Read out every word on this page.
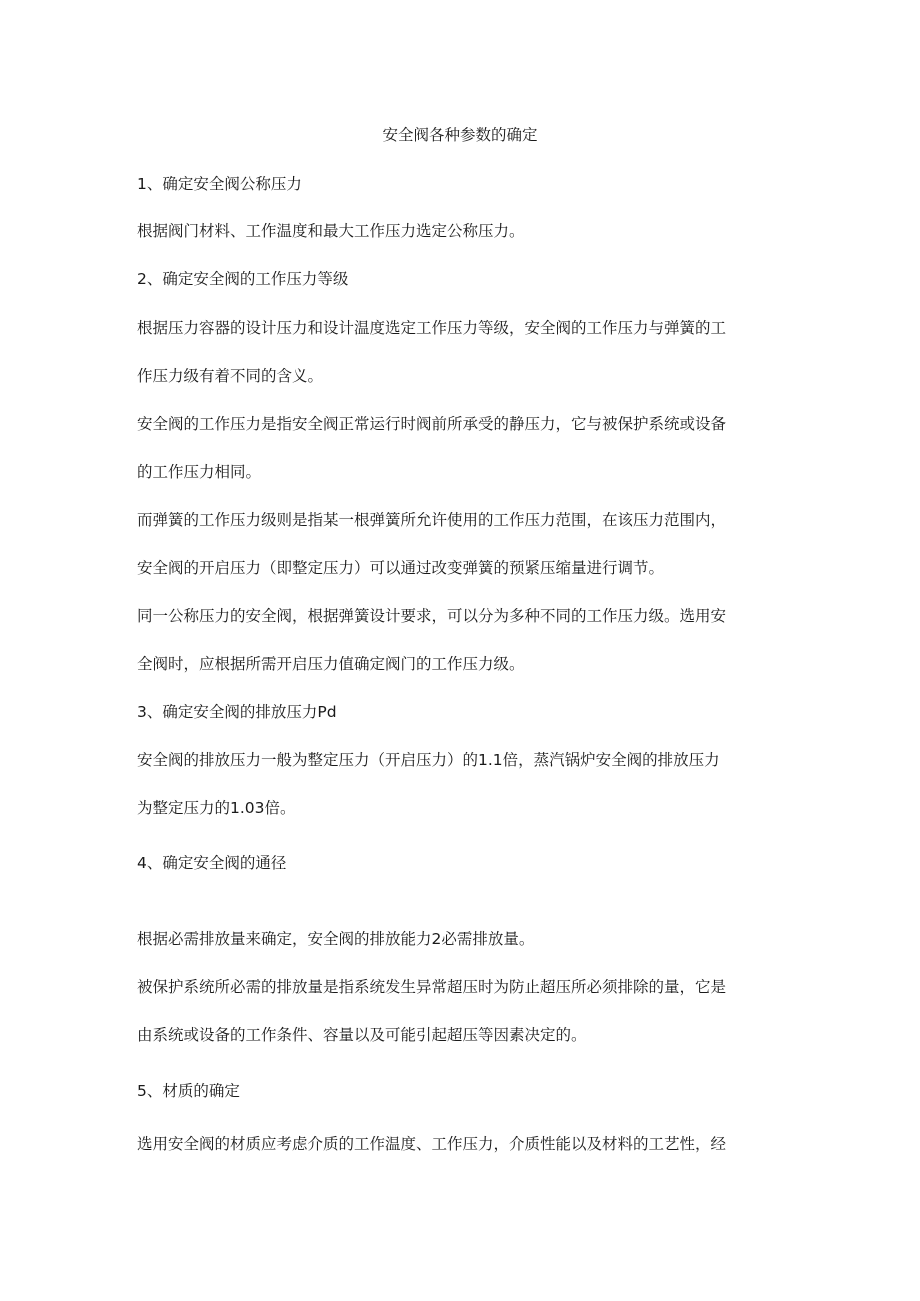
安全阀各种参数的确定
1、确定安全阀公称压力
根据阀门材料、工作温度和最大工作压力选定公称压力。
2、确定安全阀的工作压力等级
根据压力容器的设计压力和设计温度选定工作压力等级，安全阀的工作压力与弹簧的工
作压力级有着不同的含义。
安全阀的工作压力是指安全阀正常运行时阀前所承受的静压力，它与被保护系统或设备
的工作压力相同。
而弹簧的工作压力级则是指某一根弹簧所允许使用的工作压力范围，在该压力范围内，
安全阀的开启压力（即整定压力）可以通过改变弹簧的预紧压缩量进行调节。
同一公称压力的安全阀，根据弹簧设计要求，可以分为多种不同的工作压力级。选用安
全阀时，应根据所需开启压力值确定阀门的工作压力级。
3、确定安全阀的排放压力Pd
安全阀的排放压力一般为整定压力（开启压力）的1.1倍，蒸汽锅炉安全阀的排放压力
为整定压力的1.03倍。
4、确定安全阀的通径
根据必需排放量来确定，安全阀的排放能力2必需排放量。
被保护系统所必需的排放量是指系统发生异常超压时为防止超压所必须排除的量，它是
由系统或设备的工作条件、容量以及可能引起超压等因素决定的。
5、材质的确定
选用安全阀的材质应考虑介质的工作温度、工作压力，介质性能以及材料的工艺性，经
